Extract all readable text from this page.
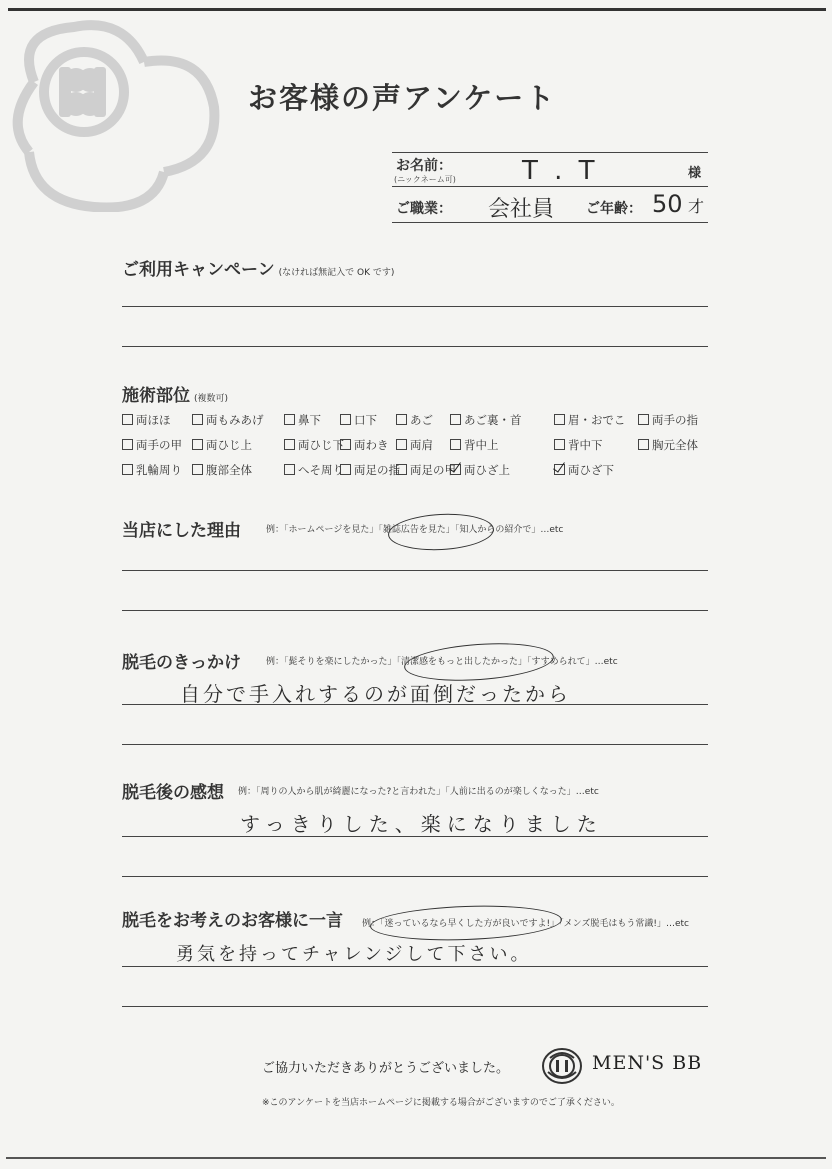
お客様の声アンケート
お名前：
(ニックネーム可)	T . T	様
ご職業： 会社員 ご年齢： 50 才
ご利用キャンペーン (なければ無記入で OK です)
施術部位 (複数可)
両ほほ	両もみあげ	鼻下	口下	あご	あご裏・首	眉・おでこ	両手の指
両手の甲	両ひじ上	両ひじ下 両わき	両肩	背中上	背中下	胸元全体
乳輪周り	腹部全体	へそ周り 両足の指 両足の甲 両ひざ上	両ひざ下
当店にした理由	例：「ホームページを見た」「雑誌広告を見た」「知人からの紹介で」…etc
脱毛のきっかけ	例：「髭そりを楽にしたかった」「清潔感をもっと出したかった」「すすめられて」…etc
自分で手入れするのが面倒だったから
脱毛後の感想 例：「周りの人から肌が綺麗になった?と言われた」「人前に出るのが楽しくなった」…etc
すっきりした、楽になりました
脱毛をお考えのお客様に一言 例：「迷っているなら早くした方が良いですよ!」「メンズ脱毛はもう常識!」…etc
勇気を持ってチャレンジして下さい。
ご協力いただきありがとうございました。	MEN'S BB
※このアンケートを当店ホームページに掲載する場合がございますのでご了承ください。
